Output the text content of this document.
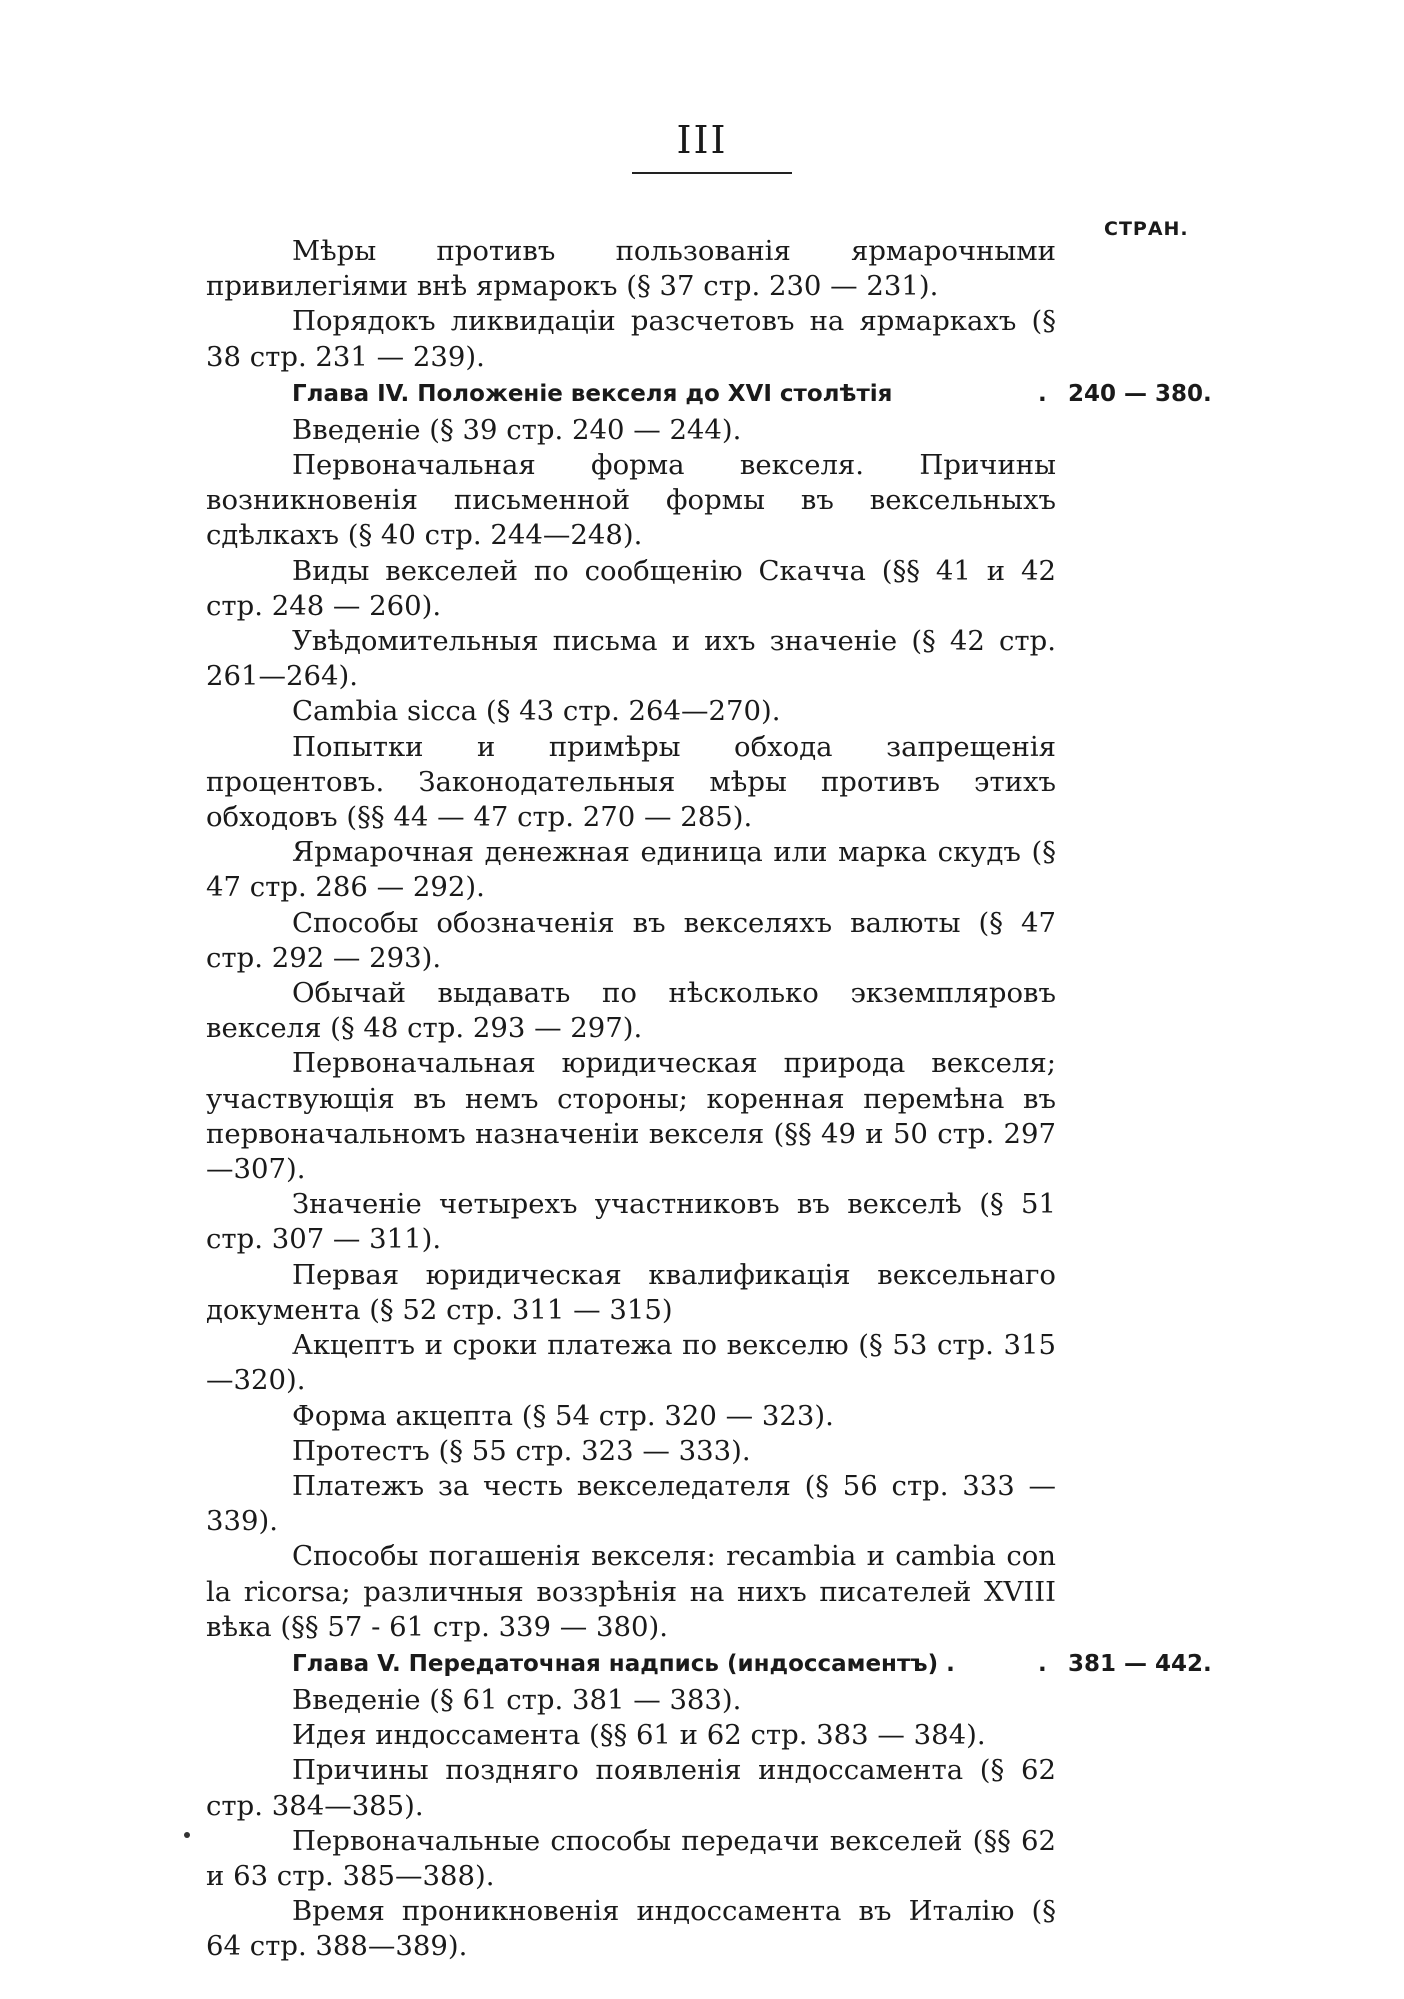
III
СТРАН.
Мѣры противъ пользованія ярмарочными привилегіями внѣ ярмарокъ (§ 37 стр. 230 — 231).
Порядокъ ликвидаціи разсчетовъ на ярмаркахъ (§ 38 стр. 231 — 239).
Глава IV. Положеніе векселя до XVI столѣтія	. 240 — 380.
Введеніе (§ 39 стр. 240 — 244).
Первоначальная форма векселя. Причины возникновенія письменной формы въ вексельныхъ сдѣлкахъ (§ 40 стр. 244—248).
Виды векселей по сообщенію Скачча (§§ 41 и 42 стр. 248 — 260).
Увѣдомительныя письма и ихъ значеніе (§ 42 стр. 261—264).
Cambia sicca (§ 43 стр. 264—270).
Попытки и примѣры обхода запрещенія процентовъ. Законодательныя мѣры противъ этихъ обходовъ (§§ 44 — 47 стр. 270 — 285).
Ярмарочная денежная единица или марка скудъ (§ 47 стр. 286 — 292).
Способы обозначенія въ векселяхъ валюты (§ 47 стр. 292 — 293).
Обычай выдавать по нѣсколько экземпляровъ векселя (§ 48 стр. 293 — 297).
Первоначальная юридическая природа векселя; участвующія въ немъ стороны; коренная перемѣна въ первоначальномъ назначеніи векселя (§§ 49 и 50 стр. 297—307).
Значеніе четырехъ участниковъ въ векселѣ (§ 51 стр. 307 — 311).
Первая юридическая квалификація вексельнаго документа (§ 52 стр. 311 — 315)
Акцептъ и сроки платежа по векселю (§ 53 стр. 315—320).
Форма акцепта (§ 54 стр. 320 — 323).
Протестъ (§ 55 стр. 323 — 333).
Платежъ за честь векселедателя (§ 56 стр. 333 — 339).
Способы погашенія векселя: recambia и cambia con la ricorsa; различныя воззрѣнія на нихъ писателей XVIII вѣка (§§ 57 - 61 стр. 339 — 380).
Глава V. Передаточная надпись (индоссаментъ) .	. 381 — 442.
Введеніе (§ 61 стр. 381 — 383).
Идея индоссамента (§§ 61 и 62 стр. 383 — 384).
Причины поздняго появленія индоссамента (§ 62 стр. 384—385).
Первоначальные способы передачи векселей (§§ 62 и 63 стр. 385—388).
Время проникновенія индоссамента въ Италію (§ 64 стр. 388—389).
